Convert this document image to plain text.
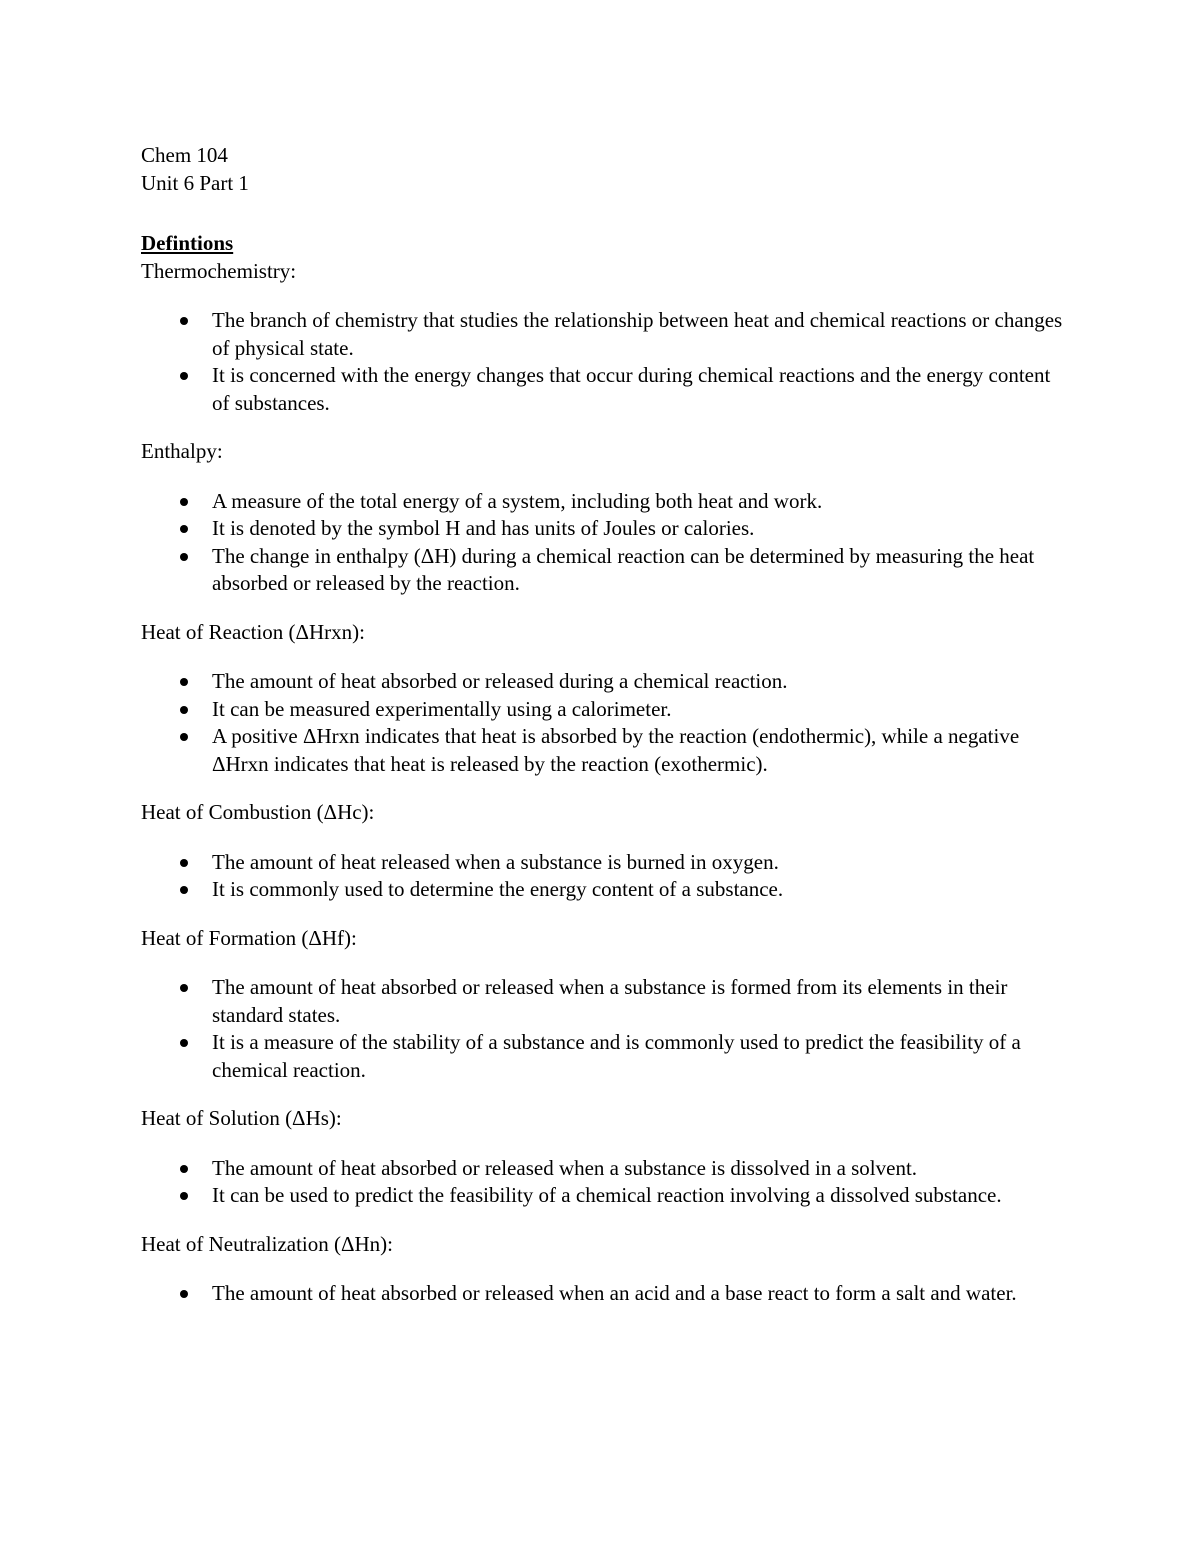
Chem 104

Unit 6 Part 1

Defintions

Thermochemistry:

The branch of chemistry that studies the relationship between heat and chemical reactions or changes of physical state.
It is concerned with the energy changes that occur during chemical reactions and the energy content of substances.

Enthalpy:

A measure of the total energy of a system, including both heat and work.
It is denoted by the symbol H and has units of Joules or calories.
The change in enthalpy (ΔH) during a chemical reaction can be determined by measuring the heat absorbed or released by the reaction.

Heat of Reaction (ΔHrxn):

The amount of heat absorbed or released during a chemical reaction.
It can be measured experimentally using a calorimeter.
A positive ΔHrxn indicates that heat is absorbed by the reaction (endothermic), while a negative ΔHrxn indicates that heat is released by the reaction (exothermic).

Heat of Combustion (ΔHc):

The amount of heat released when a substance is burned in oxygen.
It is commonly used to determine the energy content of a substance.

Heat of Formation (ΔHf):

The amount of heat absorbed or released when a substance is formed from its elements in their standard states.
It is a measure of the stability of a substance and is commonly used to predict the feasibility of a chemical reaction.

Heat of Solution (ΔHs):

The amount of heat absorbed or released when a substance is dissolved in a solvent.
It can be used to predict the feasibility of a chemical reaction involving a dissolved substance.

Heat of Neutralization (ΔHn):

The amount of heat absorbed or released when an acid and a base react to form a salt and water.
